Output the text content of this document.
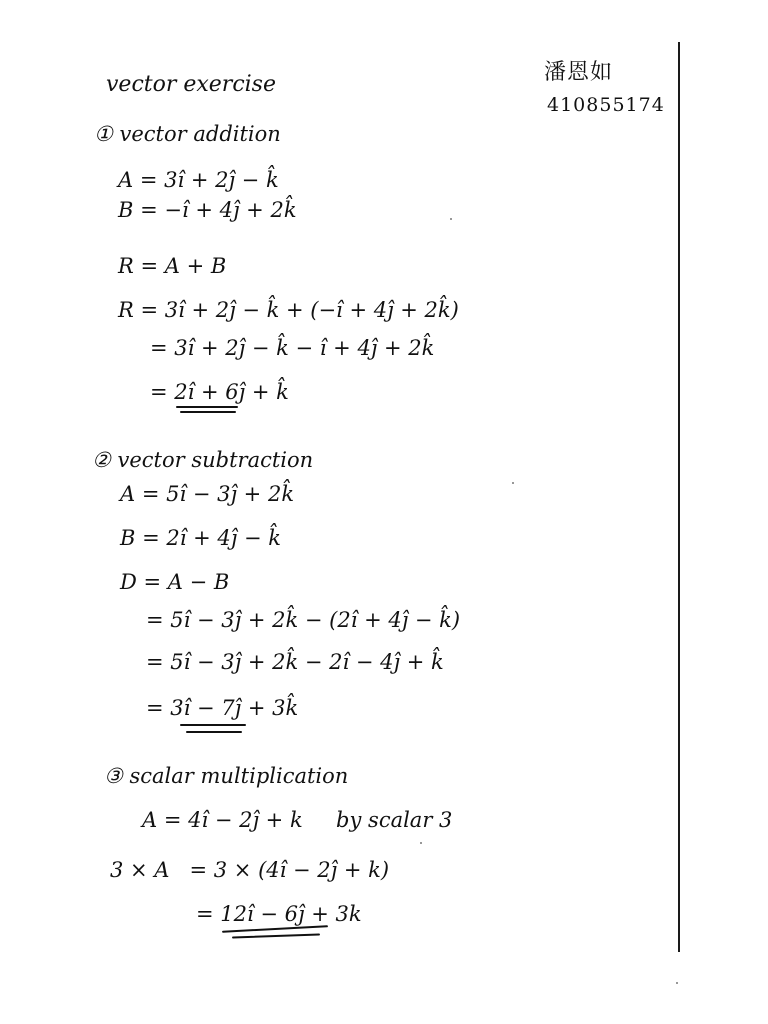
vector exercise	潘恩如
410855174
① vector addition
A = 3î + 2ĵ − k̂
B = −î + 4ĵ + 2k̂
R = A + B
R = 3î + 2ĵ − k̂ + (−î + 4ĵ + 2k̂)
= 3î + 2ĵ − k̂ − î + 4ĵ + 2k̂
= 2î + 6ĵ + k̂
② vector subtraction
A = 5î − 3ĵ + 2k̂
B = 2î + 4ĵ − k̂
D = A − B
= 5î − 3ĵ + 2k̂ − (2î + 4ĵ − k̂)
= 5î − 3ĵ + 2k̂ − 2î − 4ĵ + k̂
= 3î − 7ĵ + 3k̂
③ scalar multiplication
A = 4î − 2ĵ + k     by scalar 3
3 × A   = 3 × (4î − 2ĵ + k)
= 12î − 6ĵ + 3k
